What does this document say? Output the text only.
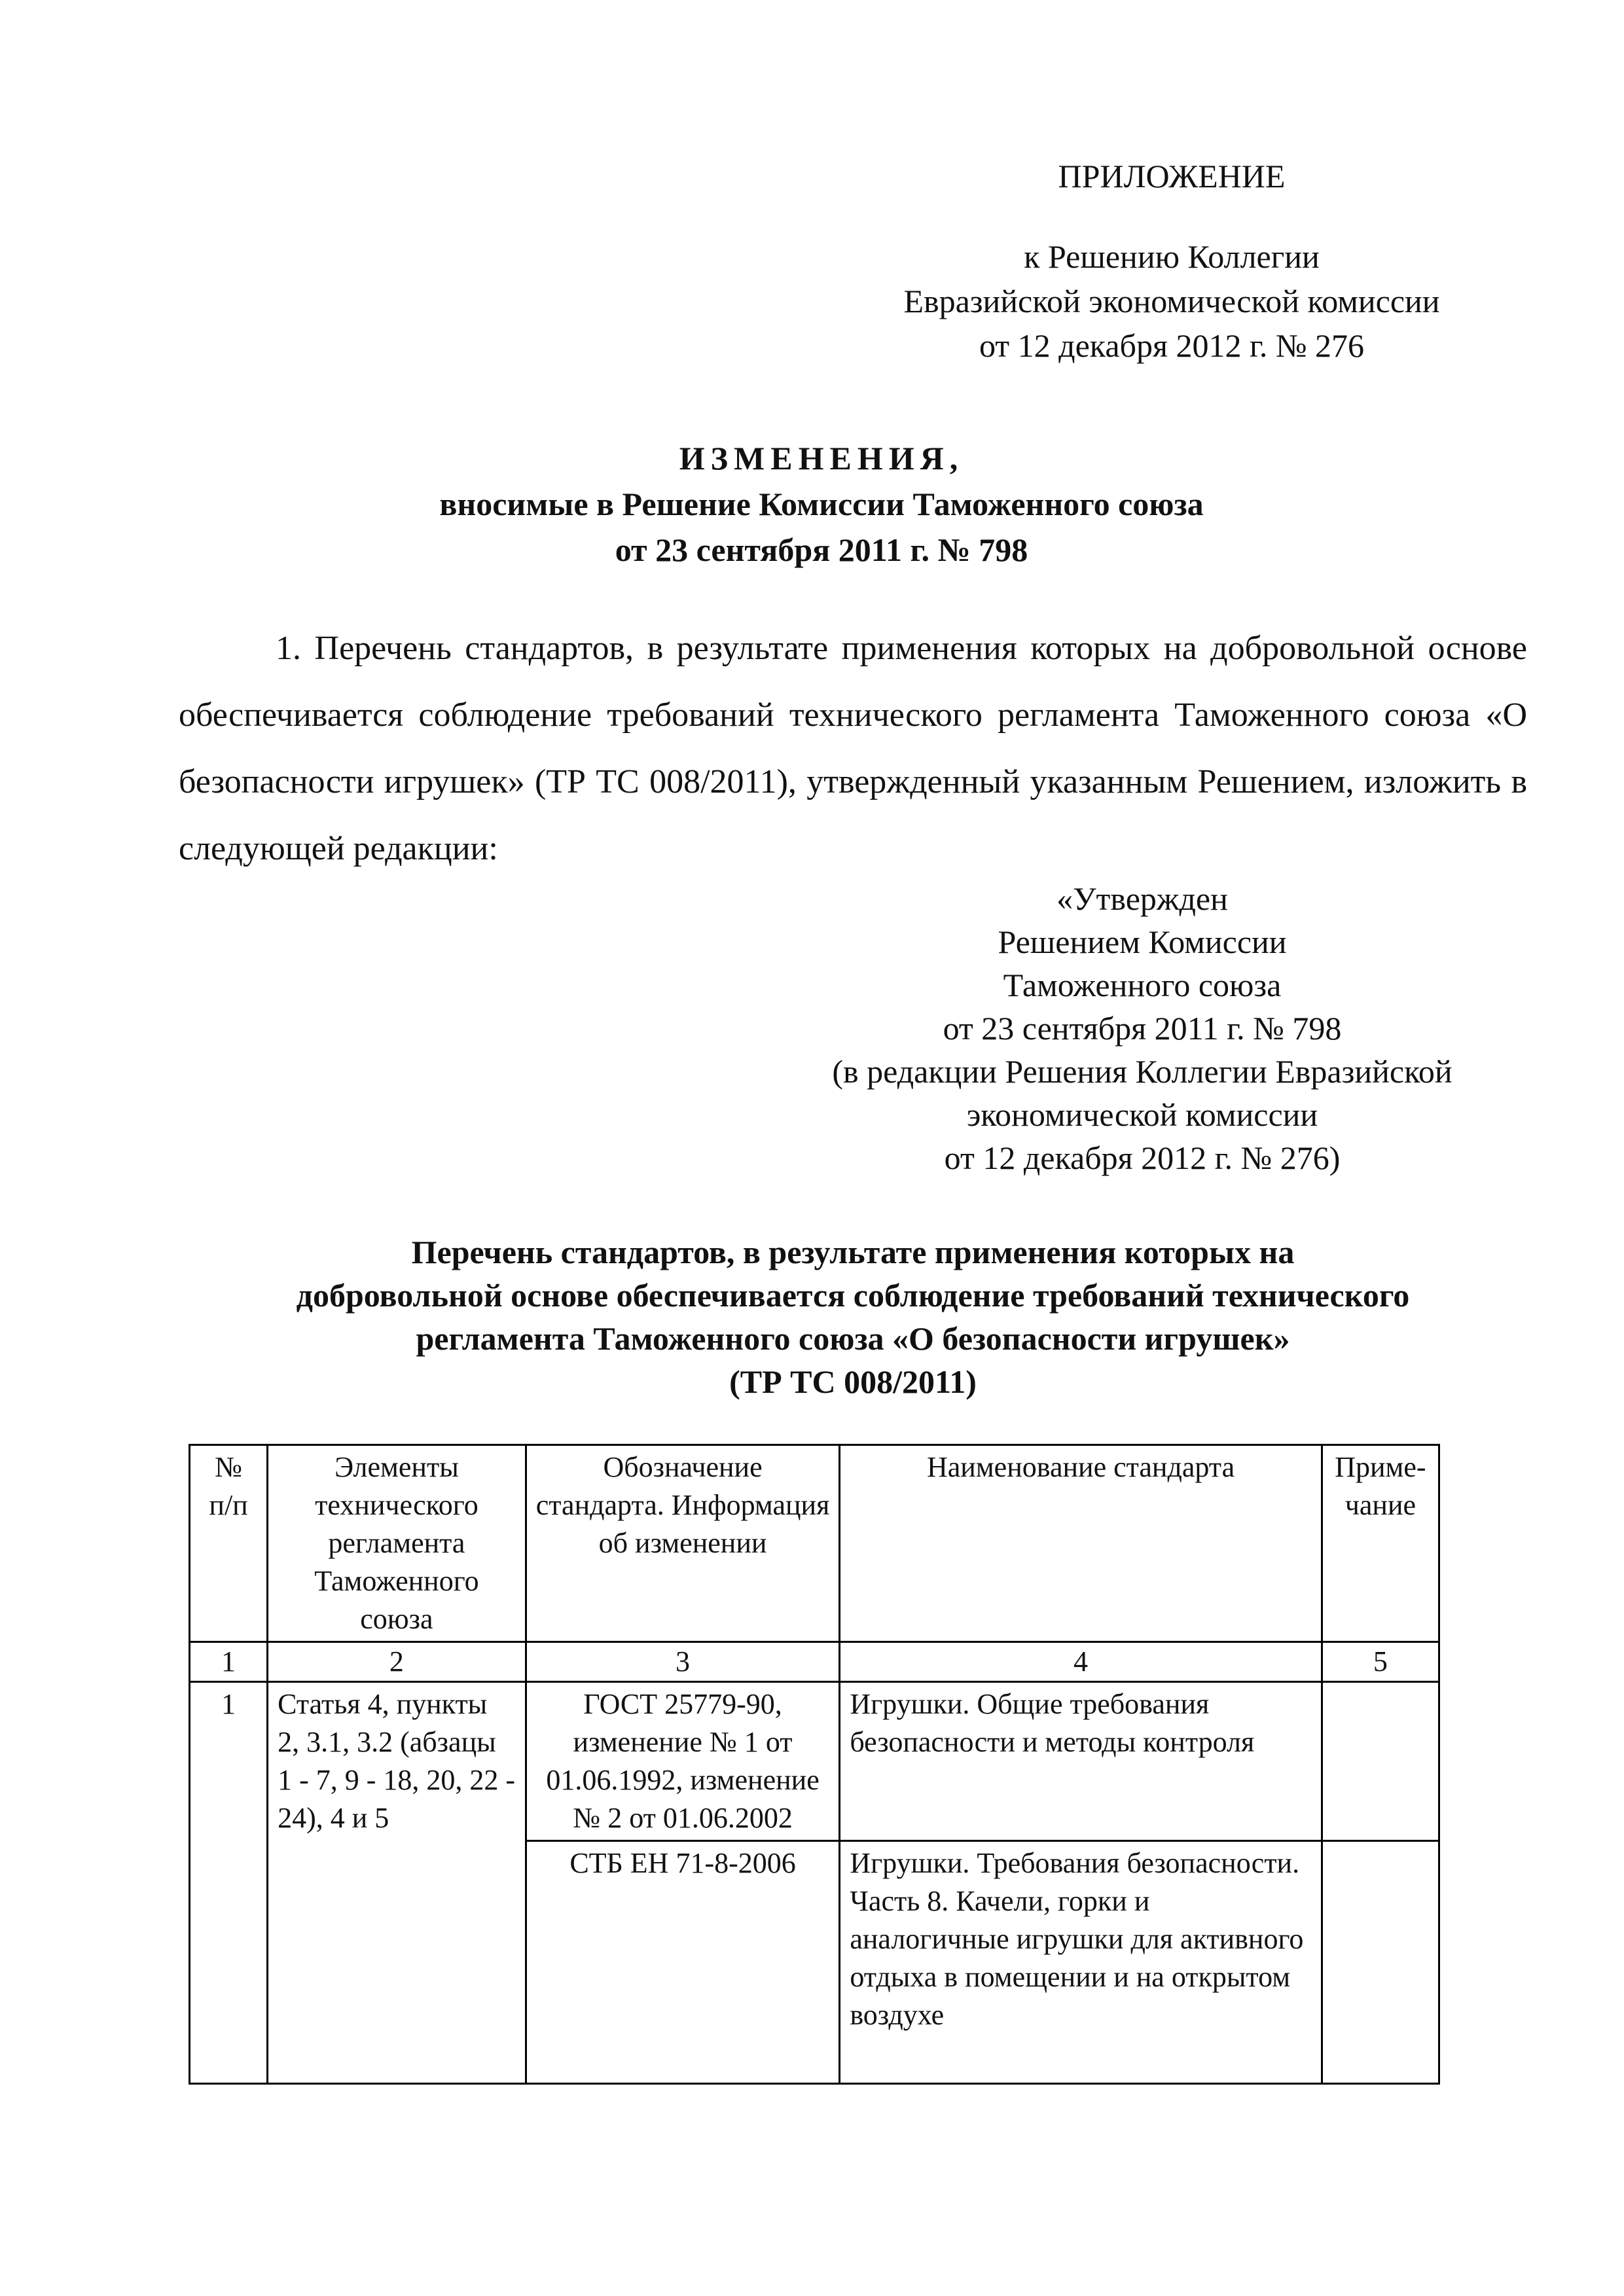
ПРИЛОЖЕНИЕ

к Решению Коллегии

Евразийской экономической комиссии

от 12 декабря 2012 г. № 276

ИЗМЕНЕНИЯ,

вносимые в Решение Комиссии Таможенного союза

от 23 сентября 2011 г. № 798

1. Перечень стандартов, в результате применения которых на добровольной основе обеспечивается соблюдение требований технического регламента Таможенного союза «О безопасности игрушек» (ТР ТС 008/2011), утвержденный указанным Решением, изложить в следующей редакции:

«Утвержден

Решением Комиссии

Таможенного союза

от 23 сентября 2011 г. № 798

(в редакции Решения Коллегии Евразийской

экономической комиссии

от 12 декабря 2012 г. № 276)

Перечень стандартов, в результате применения которых на

добровольной основе обеспечивается соблюдение требований технического

регламента Таможенного союза «О безопасности игрушек»

(ТР ТС 008/2011)

№ п/п	Элементы технического регламента Таможенного союза	Обозначение стандарта. Информация об изменении	Наименование стандарта	Приме-чание
1	2	3	4	5
1	Статья 4, пункты 2, 3.1, 3.2 (абзацы 1 - 7, 9 - 18, 20, 22 - 24), 4 и 5	ГОСТ 25779-90, изменение № 1 от 01.06.1992, изменение № 2 от 01.06.2002	Игрушки. Общие требования безопасности и методы контроля	
		СТБ ЕН 71-8-2006	Игрушки. Требования безопасности. Часть 8. Качели, горки и аналогичные игрушки для активного отдыха в помещении и на открытом воздухе	
